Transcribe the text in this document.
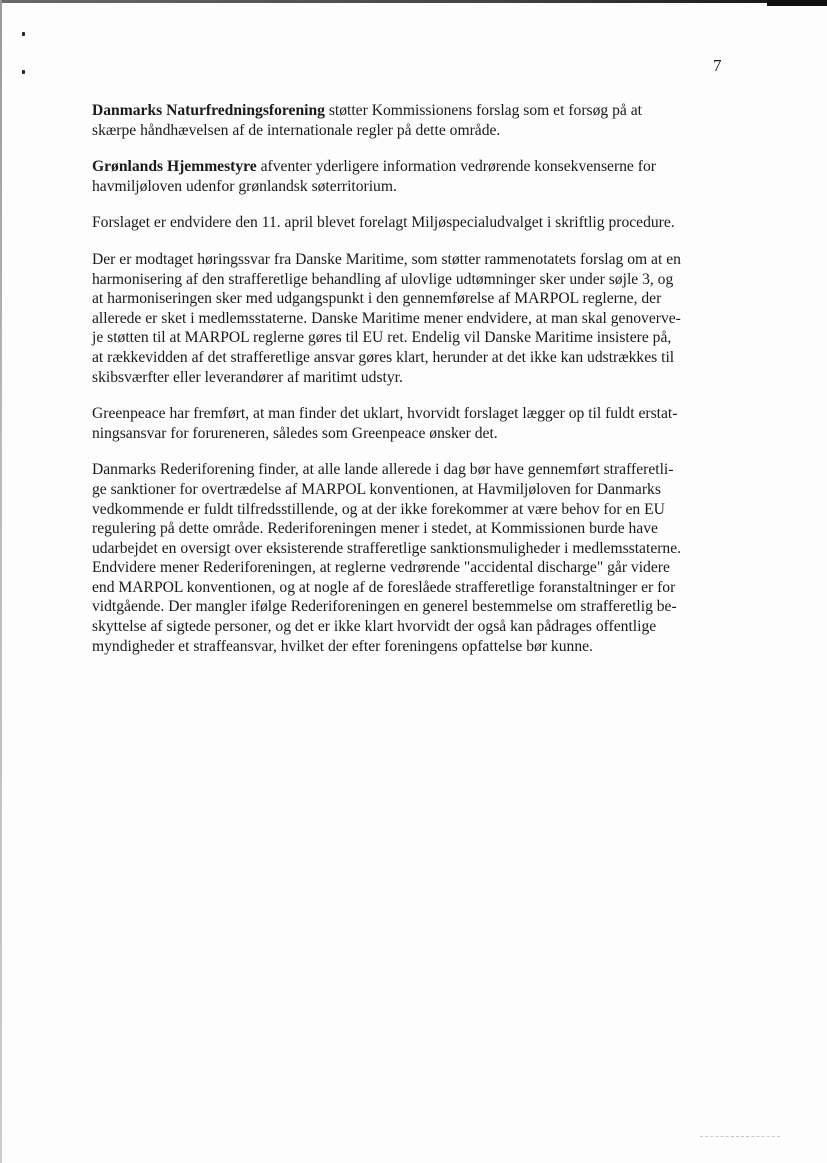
7

Danmarks Naturfredningsforening støtter Kommissionens forslag som et forsøg på at
skærpe håndhævelsen af de internationale regler på dette område.

Grønlands Hjemmestyre afventer yderligere information vedrørende konsekvenserne for
havmiljøloven udenfor grønlandsk søterritorium.

Forslaget er endvidere den 11. april blevet forelagt Miljøspecialudvalget i skriftlig procedure.

Der er modtaget høringssvar fra Danske Maritime, som støtter rammenotatets forslag om at en
harmonisering af den strafferetlige behandling af ulovlige udtømninger sker under søjle 3, og
at harmoniseringen sker med udgangspunkt i den gennemførelse af MARPOL reglerne, der
allerede er sket i medlemsstaterne. Danske Maritime mener endvidere, at man skal genoverve-
je støtten til at MARPOL reglerne gøres til EU ret. Endelig vil Danske Maritime insistere på,
at rækkevidden af det strafferetlige ansvar gøres klart, herunder at det ikke kan udstrækkes til
skibsværfter eller leverandører af maritimt udstyr.

Greenpeace har fremført, at man finder det uklart, hvorvidt forslaget lægger op til fuldt erstat-
ningsansvar for forureneren, således som Greenpeace ønsker det.

Danmarks Rederiforening finder, at alle lande allerede i dag bør have gennemført strafferetli-
ge sanktioner for overtrædelse af MARPOL konventionen, at Havmiljøloven for Danmarks
vedkommende er fuldt tilfredsstillende, og at der ikke forekommer at være behov for en EU
regulering på dette område. Rederiforeningen mener i stedet, at Kommissionen burde have
udarbejdet en oversigt over eksisterende strafferetlige sanktionsmuligheder i medlemsstaterne.
Endvidere mener Rederiforeningen, at reglerne vedrørende "accidental discharge" går videre
end MARPOL konventionen, og at nogle af de foreslåede strafferetlige foranstaltninger er for
vidtgående. Der mangler ifølge Rederiforeningen en generel bestemmelse om strafferetlig be-
skyttelse af sigtede personer, og det er ikke klart hvorvidt der også kan pådrages offentlige
myndigheder et straffeansvar, hvilket der efter foreningens opfattelse bør kunne.
